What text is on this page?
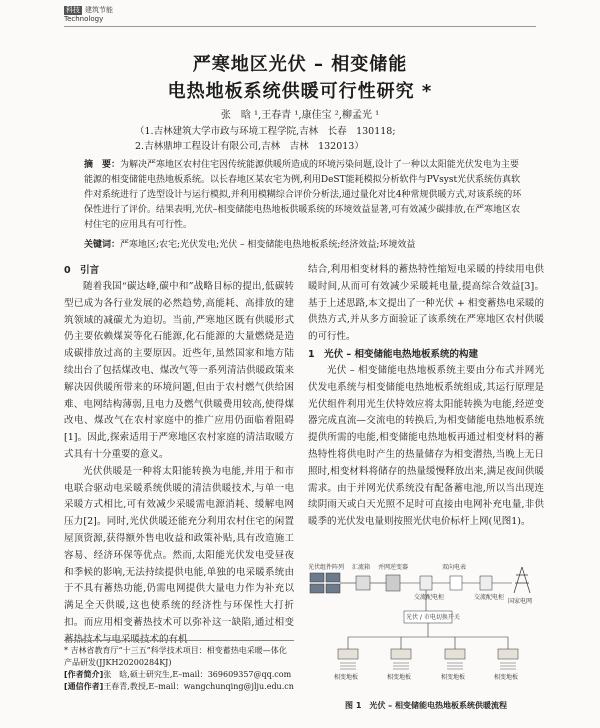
科技 建筑节能
Technology
严寒地区光伏 – 相变储能
电热地板系统供暖可行性研究 *
张　晗 ¹,王春青 ¹,康佳宝 ²,柳孟光 ¹
（1.吉林建筑大学市政与环境工程学院,吉林　长春　130118;
2.吉林鼎坤工程设计有限公司,吉林　吉林　132013）
摘　要：为解决严寒地区农村住宅因传统能源供暖所造成的环境污染问题,设计了一种以太阳能光伏发电为主要能源的相变储能电热地板系统。以长春地区某农宅为例,利用DeST能耗模拟分析软件与PVsyst光伏系统仿真软件对系统进行了选型设计与运行模拟,并利用模糊综合评价分析法,通过量化对比4种常规供暖方式,对该系统的环保性进行了评价。结果表明,光伏–相变储能电热地板供暖系统的环境效益显著,可有效减少碳排放,在严寒地区农村住宅的应用具有可行性。
关键词：严寒地区;农宅;光伏发电;光伏 – 相变储能电热地板系统;经济效益;环境效益
0　引言

随着我国“碳达峰,碳中和”战略目标的提出,低碳转型已成为各行业发展的必然趋势,高能耗、高排放的建筑领域的减碳尤为迫切。当前,严寒地区既有供暖形式仍主要依赖煤炭等化石能源,化石能源的大量燃烧是造成碳排放过高的主要原因。近些年,虽然国家和地方陆续出台了包括煤改电、煤改气等一系列清洁供暖政策来解决因供暖所带来的环境问题,但由于农村燃气供给困难、电网结构薄弱,且电力及燃气供暖费用较高,使得煤改电、煤改气在农村家庭中的推广应用仍面临着阻碍[1]。因此,探索适用于严寒地区农村家庭的清洁取暖方式具有十分重要的意义。

光伏供暖是一种将太阳能转换为电能,并用于和市电联合驱动电采暖系统供暖的清洁供暖技术,与单一电采暖方式相比,可有效减少采暖需电源消耗、缓解电网压力[2]。同时,光伏供暖还能充分利用农村住宅的闲置屋顶资源,获得额外售电收益和政策补贴,具有改造施工容易、经济环保等优点。然而,太阳能光伏发电受昼夜和季候的影响,无法持续提供电能,单独的电采暖系统由于不具有蓄热功能,仍需电网提供大量电力作为补充以满足全天供暖,这也使系统的经济性与环保性大打折扣。而应用相变蓄热技术可以弥补这一缺陷,通过相变蓄热技术与电采暖技术的有机

结合,利用相变材料的蓄热特性缩短电采暖的持续用电供暖时间,从而可有效减少采暖耗电量,提高综合效益[3]。基于上述思路,本文提出了一种光伏 + 相变蓄热电采暖的供热方式,并从多方面验证了该系统在严寒地区农村供暖的可行性。

1　光伏 – 相变储能电热地板系统的构建

光伏 – 相变储能电热地板系统主要由分布式并网光伏发电系统与相变储能电热地板系统组成,其运行原理是光伏组件利用光生伏特效应将太阳能转换为电能,经逆变器完成直流—交流电的转换后,为相变储能电热地板系统提供所需的电能,相变储能电热地板再通过相变材料的蓄热特性将供电时产生的热量储存为相变潜热,当晚上无日照时,相变材料将储存的热量缓慢释放出来,满足夜间供暖需求。由于并网光伏系统没有配备蓄电池,所以当出现连续阴雨天或白天光照不足时可直接由电网补充电量,非供暖季的光伏发电量则按照光伏电价标杆上网(见图1)。

光伏组件阵列 汇流箱 并网逆变器
交流配电柜
双向电表
交流配电柜
国家电网
光伏 / 市电切换开关
相变地板	相变地板	相变地板	相变地板
图 1　光伏 – 相变储能电热地板系统供暖流程
* 吉林省教育厅“十三五”科学技术项目：相变蓄热电采暖—体化产品研发(JJKH20200284KJ)
[作者简介]张　晗,硕士研究生,E–mail：369609357@qq.com
[通信作者]王春青,教授,E–mail：wangchunqing@jlju.edu.cn
